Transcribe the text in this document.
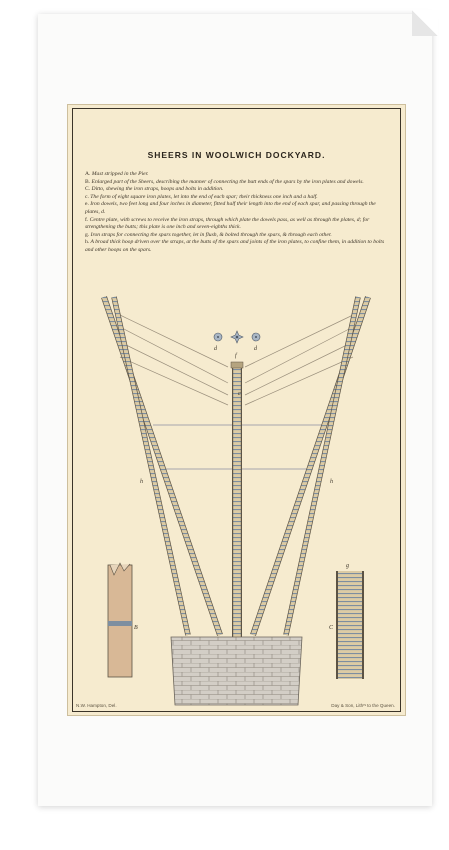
SHEERS IN WOOLWICH DOCKYARD.
A. Mast stripped in the Pier.
B. Enlarged part of the Sheers, describing the manner of connecting the butt ends of the spars by the iron plates and dowels.
C. Ditto, shewing the iron straps, hoops and bolts in addition.
c. The form of eight square iron plates, let into the end of each spar; their thickness one inch and a half.
e. Iron dowels, two feet long and four inches in diameter, fitted half their length into the end of each spar, and passing through the plates, d.
f. Centre plate, with screws to receive the iron straps, through which plate the dowels pass, as well as through the plates, d; for strengthening the butts; this plate is one inch and seven-eighths thick.
g. Iron straps for connecting the spars together, let in flush, & bolted through the spars, & through each other.
h. A broad thick hoop driven over the straps, at the butts of the spars and joints of the iron plates, to confine them, in addition to bolts and other hoops on the spars.
d
f
d
h	h
c
B	C
g
N.W. Hampton, Del.	Day & Son, Lithʳˢ to the Queen.
